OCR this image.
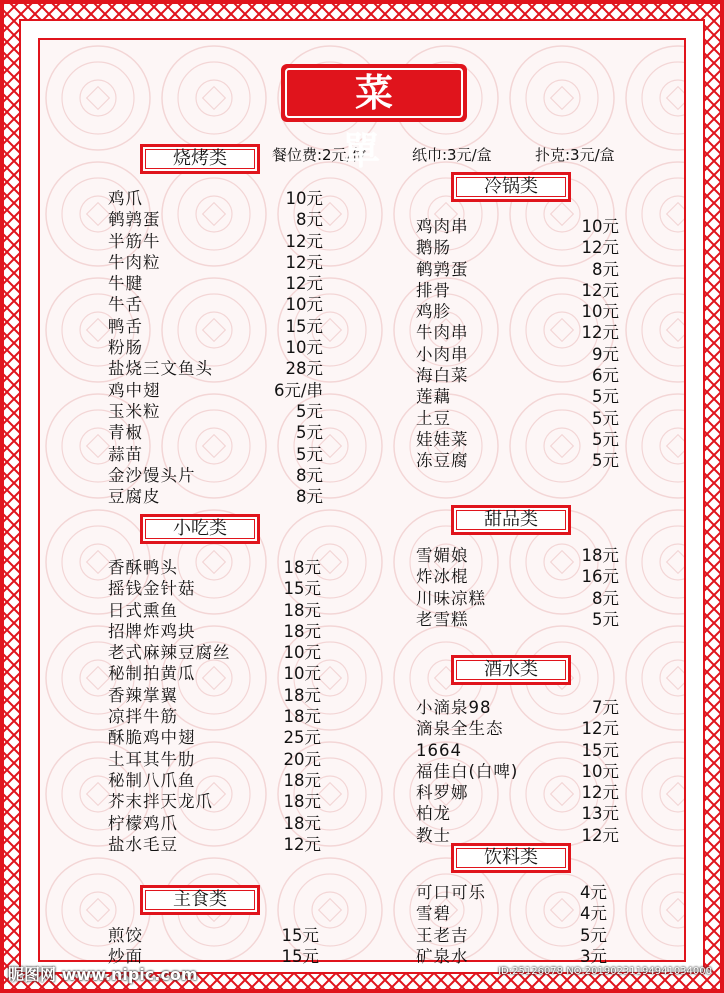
菜 單
餐位费:2元/位	纸巾:3元/盒	扑克:3元/盒
烧烤类
小吃类
主食类
冷锅类
甜品类
酒水类
饮料类
鸡爪	10元
鹌鹑蛋	8元
半筋牛	12元
牛肉粒	12元
牛腱	12元
牛舌	10元
鸭舌	15元
粉肠	10元
盐烧三文鱼头	28元
鸡中翅	6元/串
玉米粒	5元
青椒	5元
蒜苗	5元
金沙馒头片	8元
豆腐皮	8元
香酥鸭头	18元
摇钱金针菇	15元
日式熏鱼	18元
招牌炸鸡块	18元
老式麻辣豆腐丝	10元
秘制拍黄瓜	10元
香辣掌翼	18元
凉拌牛筋	18元
酥脆鸡中翅	25元
土耳其牛肋	20元
秘制八爪鱼	18元
芥末拌天龙爪	18元
柠檬鸡爪	18元
盐水毛豆	12元
煎饺	15元
炒面	15元
鸡肉串	10元
鹅肠	12元
鹌鹑蛋	8元
排骨	12元
鸡胗	10元
牛肉串	12元
小肉串	9元
海白菜	6元
莲藕	5元
土豆	5元
娃娃菜	5元
冻豆腐	5元
雪媚娘	18元
炸冰棍	16元
川味凉糕	8元
老雪糕	5元
小滴泉98	7元
滴泉全生态	12元
1664	15元
福佳白(白啤)	10元
科罗娜	12元
柏龙	13元
教士	12元
可口可乐	4元
雪碧	4元
王老吉	5元
矿泉水	3元
昵图网 www.nipic.com	ID:25126078 NO:20190231194941034000
